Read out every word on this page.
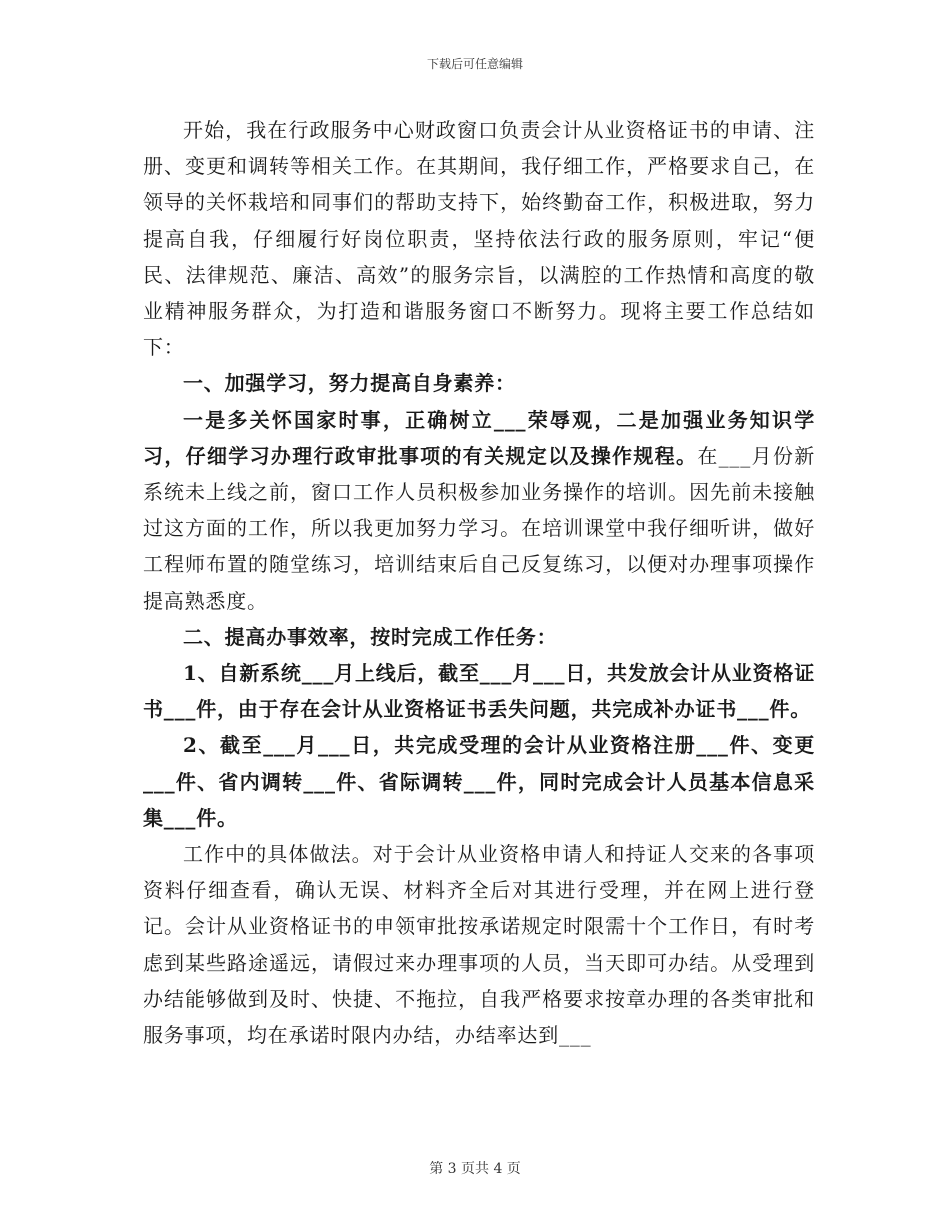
下载后可任意编辑

开始，我在行政服务中心财政窗口负责会计从业资格证书的申请、注册、变更和调转等相关工作。在其期间，我仔细工作，严格要求自己，在领导的关怀栽培和同事们的帮助支持下，始终勤奋工作，积极进取，努力提高自我，仔细履行好岗位职责，坚持依法行政的服务原则，牢记“便民、法律规范、廉洁、高效”的服务宗旨，以满腔的工作热情和高度的敬业精神服务群众，为打造和谐服务窗口不断努力。现将主要工作总结如下：

一、加强学习，努力提高自身素养：

一是多关怀国家时事，正确树立___荣辱观，二是加强业务知识学习，仔细学习办理行政审批事项的有关规定以及操作规程。在___月份新系统未上线之前，窗口工作人员积极参加业务操作的培训。因先前未接触过这方面的工作，所以我更加努力学习。在培训课堂中我仔细听讲，做好工程师布置的随堂练习，培训结束后自己反复练习，以便对办理事项操作提高熟悉度。

二、提高办事效率，按时完成工作任务：

1、自新系统___月上线后，截至___月___日，共发放会计从业资格证书___件，由于存在会计从业资格证书丢失问题，共完成补办证书___件。

2、截至___月___日，共完成受理的会计从业资格注册___件、变更___件、省内调转___件、省际调转___件，同时完成会计人员基本信息采集___件。

工作中的具体做法。对于会计从业资格申请人和持证人交来的各事项资料仔细查看，确认无误、材料齐全后对其进行受理，并在网上进行登记。会计从业资格证书的申领审批按承诺规定时限需十个工作日，有时考虑到某些路途遥远，请假过来办理事项的人员，当天即可办结。从受理到办结能够做到及时、快捷、不拖拉，自我严格要求按章办理的各类审批和服务事项，均在承诺时限内办结，办结率达到___

第 3 页共 4 页
